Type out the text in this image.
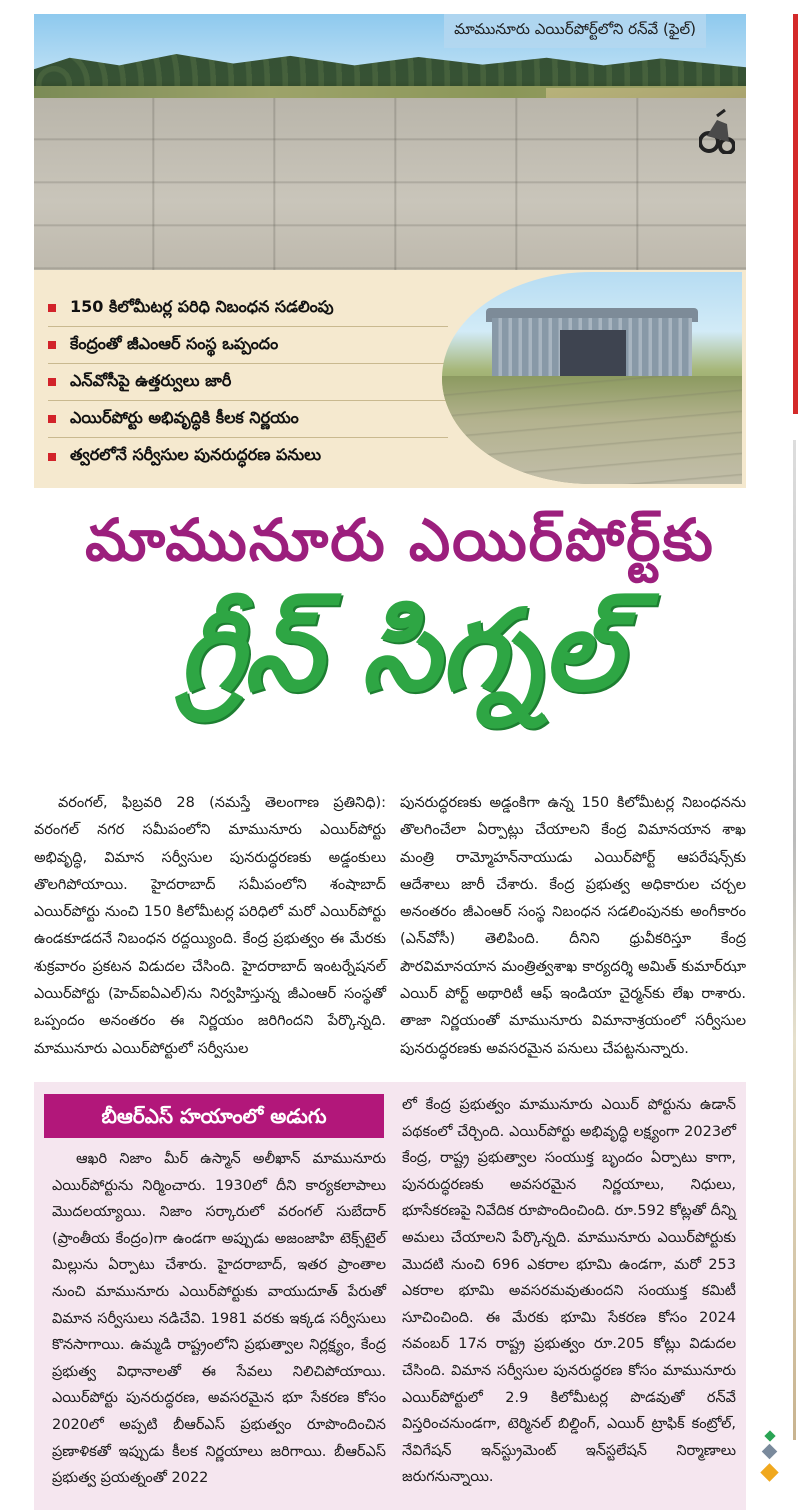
మామునూరు ఎయిర్‌పోర్ట్‌లోని రన్‌వే (ఫైల్)
150 కిలోమీటర్ల పరిధి నిబంధన సడలింపు
కేంద్రంతో జీఎంఆర్ సంస్థ ఒప్పందం
ఎన్‌వోసీపై ఉత్తర్వులు జారీ
ఎయిర్‌పోర్టు అభివృద్ధికి కీలక నిర్ణయం
త్వరలోనే సర్వీసుల పునరుద్ధరణ పనులు
మామునూరు ఎయిర్‌పోర్ట్‌కు
గ్రీన్ సిగ్నల్

వరంగల్, ఫిబ్రవరి 28 (నమస్తే తెలంగాణ ప్రతినిధి): వరంగల్ నగర సమీపంలోని మామునూరు ఎయిర్‌పోర్టు అభివృద్ధి, విమాన సర్వీసుల పునరుద్ధరణకు అడ్డంకులు తొలగిపోయాయి. హైదరాబాద్ సమీపంలోని శంషాబాద్ ఎయిర్‌పోర్టు నుంచి 150 కిలోమీటర్ల పరిధిలో మరో ఎయిర్‌పోర్టు ఉండకూడదనే నిబంధన రద్దయ్యింది. కేంద్ర ప్రభుత్వం ఈ మేరకు శుక్రవారం ప్రకటన విడుదల చేసింది. హైదరాబాద్ ఇంటర్నేషనల్ ఎయిర్‌పోర్టు (హెచ్ఐఏఎల్)ను నిర్వహిస్తున్న జీఎంఆర్ సంస్థతో ఒప్పందం అనంతరం ఈ నిర్ణయం జరిగిందని పేర్కొన్నది. మామునూరు ఎయిర్‌పోర్టులో సర్వీసుల

పునరుద్ధరణకు అడ్డంకిగా ఉన్న 150 కిలోమీటర్ల నిబంధనను తొలగించేలా ఏర్పాట్లు చేయాలని కేంద్ర విమానయాన శాఖ మంత్రి రామ్మోహన్‌నాయుడు ఎయిర్‌పోర్ట్ ఆపరేషన్స్‌కు ఆదేశాలు జారీ చేశారు. కేంద్ర ప్రభుత్వ అధికారుల చర్చల అనంతరం జీఎంఆర్ సంస్థ నిబంధన సడలింపునకు అంగీకారం (ఎన్‌వోసీ) తెలిపింది. దీనిని ధ్రువీకరిస్తూ కేంద్ర పౌరవిమానయాన మంత్రిత్వశాఖ కార్యదర్శి అమిత్ కుమార్‌ఝా ఎయిర్ పోర్ట్ అథారిటీ ఆఫ్ ఇండియా చైర్మన్‌కు లేఖ రాశారు. తాజా నిర్ణయంతో మామునూరు విమానాశ్రయంలో సర్వీసుల పునరుద్ధరణకు అవసరమైన పనులు చేపట్టనున్నారు.

బీఆర్ఎస్ హయాంలో అడుగు

ఆఖరి నిజాం మీర్ ఉస్మాన్ అలీఖాన్ మామునూరు ఎయిర్‌పోర్టును నిర్మించారు. 1930లో దీని కార్యకలాపాలు మొదలయ్యాయి. నిజాం సర్కారులో వరంగల్ సుబేదార్ (ప్రాంతీయ కేంద్రం)గా ఉండగా అప్పుడు అజంజాహి టెక్స్‌టైల్ మిల్లును ఏర్పాటు చేశారు. హైదరాబాద్, ఇతర ప్రాంతాల నుంచి మామునూరు ఎయిర్‌పోర్టుకు వాయుదూత్ పేరుతో విమాన సర్వీసులు నడిచేవి. 1981 వరకు ఇక్కడ సర్వీసులు కొనసాగాయి. ఉమ్మడి రాష్ట్రంలోని ప్రభుత్వాల నిర్లక్ష్యం, కేంద్ర ప్రభుత్వ విధానాలతో ఈ సేవలు నిలిచిపోయాయి. ఎయిర్‌పోర్టు పునరుద్ధరణ, అవసరమైన భూ సేకరణ కోసం 2020లో అప్పటి బీఆర్ఎస్ ప్రభుత్వం రూపొందించిన ప్రణాళికతో ఇప్పుడు కీలక నిర్ణయాలు జరిగాయి. బీఆర్ఎస్ ప్రభుత్వ ప్రయత్నంతో 2022

లో కేంద్ర ప్రభుత్వం మామునూరు ఎయిర్ పోర్టును ఉడాన్ పథకంలో చేర్చింది. ఎయిర్‌పోర్టు అభివృద్ధి లక్ష్యంగా 2023లో కేంద్ర, రాష్ట్ర ప్రభుత్వాల సంయుక్త బృందం ఏర్పాటు కాగా, పునరుద్ధరణకు అవసరమైన నిర్ణయాలు, నిధులు, భూసేకరణపై నివేదిక రూపొందించింది. రూ.592 కోట్లతో దీన్ని అమలు చేయాలని పేర్కొన్నది. మామునూరు ఎయిర్‌పోర్టుకు మొదటి నుంచి 696 ఎకరాల భూమి ఉండగా, మరో 253 ఎకరాల భూమి అవసరమవుతుందని సంయుక్త కమిటీ సూచించింది. ఈ మేరకు భూమి సేకరణ కోసం 2024 నవంబర్ 17న రాష్ట్ర ప్రభుత్వం రూ.205 కోట్లు విడుదల చేసింది. విమాన సర్వీసుల పునరుద్ధరణ కోసం మామునూరు ఎయిర్‌పోర్టులో 2.9 కిలోమీటర్ల పొడవుతో రన్‌వే విస్తరించనుండగా, టెర్మినల్ బిల్డింగ్, ఎయిర్ ట్రాఫిక్ కంట్రోల్, నేవిగేషన్ ఇన్‌స్ట్రుమెంట్ ఇన్‌స్టలేషన్ నిర్మాణాలు జరుగనున్నాయి.
